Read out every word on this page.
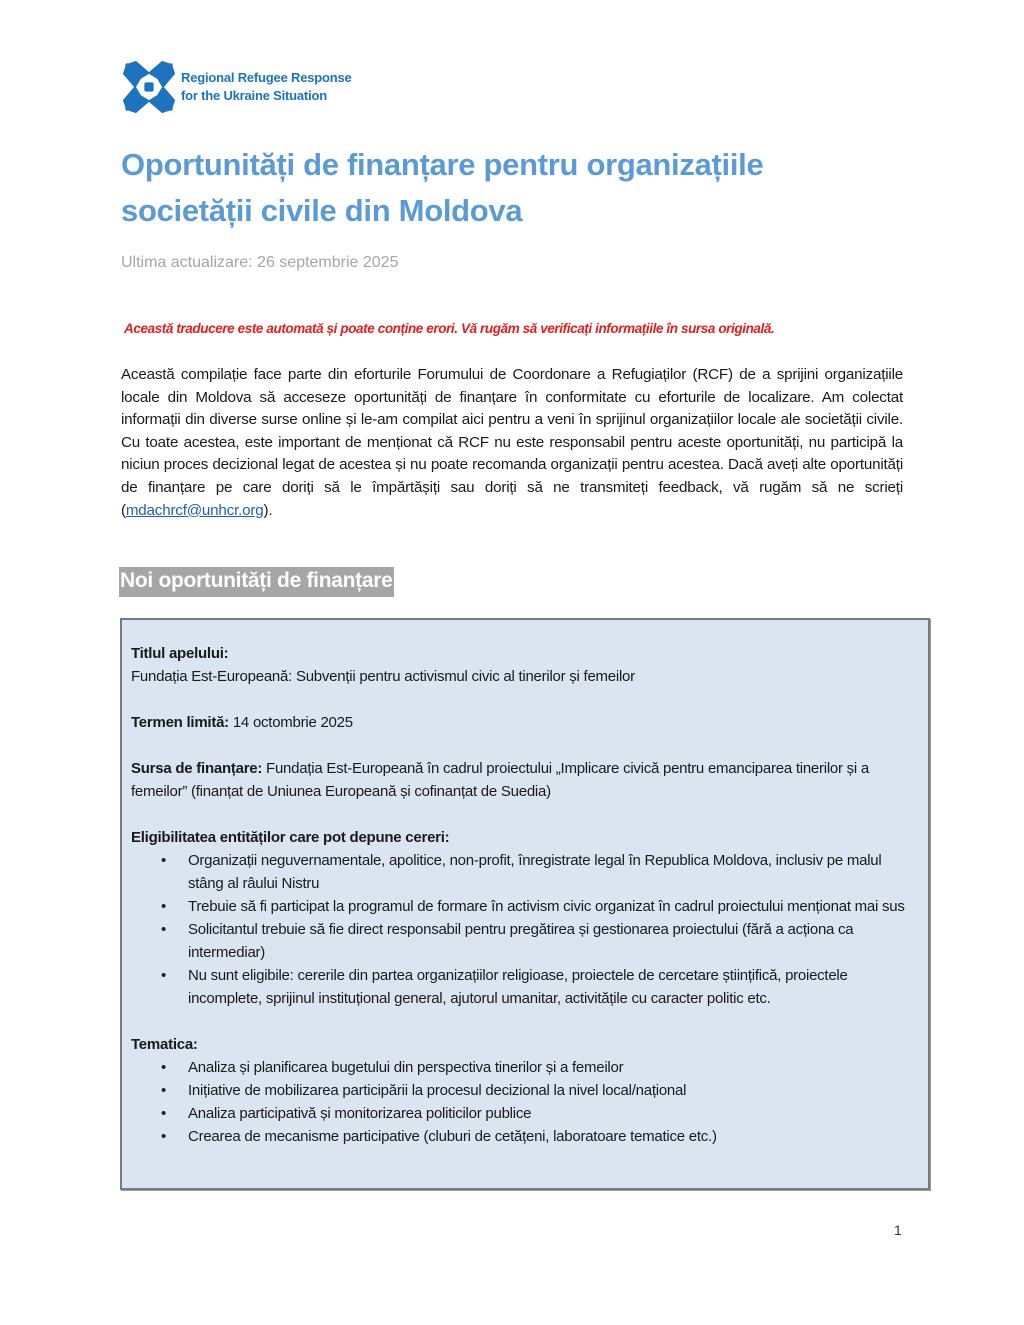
Regional Refugee Response
for the Ukraine Situation
Oportunități de finanțare pentru organizațiile societății civile din Moldova
Ultima actualizare: 26 septembrie 2025
Această traducere este automată și poate conține erori. Vă rugăm să verificați informațiile în sursa originală.

Această compilație face parte din eforturile Forumului de Coordonare a Refugiaților (RCF) de a sprijini organizațiile locale din Moldova să acceseze oportunități de finanțare în conformitate cu eforturile de localizare. Am colectat informații din diverse surse online și le-am compilat aici pentru a veni în sprijinul organizațiilor locale ale societății civile. Cu toate acestea, este important de menționat că RCF nu este responsabil pentru aceste oportunități, nu participă la niciun proces decizional legat de acestea și nu poate recomanda organizații pentru acestea. Dacă aveți alte oportunități de finanțare pe care doriți să le împărtășiți sau doriți să ne transmiteți feedback, vă rugăm să ne scrieți (mdachrcf@unhcr.org).

Noi oportunități de finanțare

Titlul apelului:

Fundația Est-Europeană: Subvenții pentru activismul civic al tinerilor și femeilor

Termen limită: 14 octombrie 2025

Sursa de finanțare: Fundația Est-Europeană în cadrul proiectului „Implicare civică pentru emanciparea tinerilor și a femeilor” (finanțat de Uniunea Europeană și cofinanțat de Suedia)

Eligibilitatea entităților care pot depune cereri:

• Organizații neguvernamentale, apolitice, non-profit, înregistrate legal în Republica Moldova, inclusiv pe malul stâng al râului Nistru
• Trebuie să fi participat la programul de formare în activism civic organizat în cadrul proiectului menționat mai sus
• Solicitantul trebuie să fie direct responsabil pentru pregătirea și gestionarea proiectului (fără a acționa ca intermediar)
• Nu sunt eligibile: cererile din partea organizațiilor religioase, proiectele de cercetare științifică, proiectele incomplete, sprijinul instituțional general, ajutorul umanitar, activitățile cu caracter politic etc.

Tematica:

• Analiza și planificarea bugetului din perspectiva tinerilor și a femeilor
• Inițiative de mobilizarea participării la procesul decizional la nivel local/național
• Analiza participativă și monitorizarea politicilor publice
• Crearea de mecanisme participative (cluburi de cetățeni, laboratoare tematice etc.)
1
